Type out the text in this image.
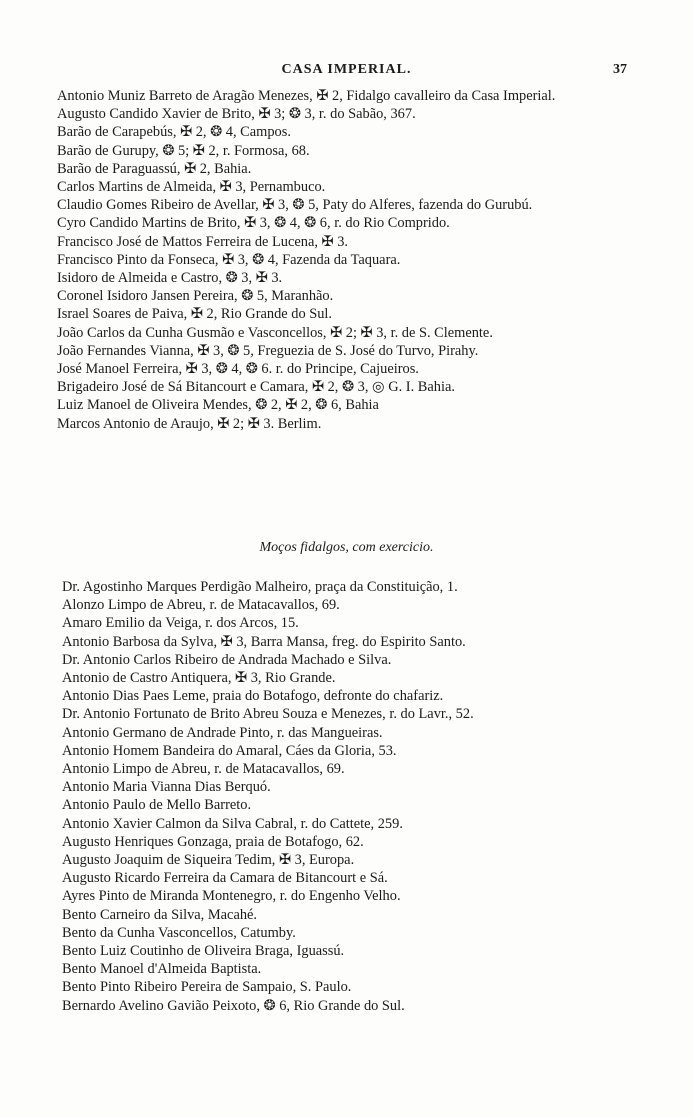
CASA IMPERIAL.	37
Antonio Muniz Barreto de Aragão Menezes, ✠ 2, Fidalgo cavalleiro da Casa Imperial.
Augusto Candido Xavier de Brito, ✠ 3; ❂ 3, r. do Sabão, 367.
Barão de Carapebús, ✠ 2, ❂ 4, Campos.
Barão de Gurupy, ❂ 5; ✠ 2, r. Formosa, 68.
Barão de Paraguassú, ✠ 2, Bahia.
Carlos Martins de Almeida, ✠ 3, Pernambuco.
Claudio Gomes Ribeiro de Avellar, ✠ 3, ❂ 5, Paty do Alferes, fazenda do Gurubú.
Cyro Candido Martins de Brito, ✠ 3, ❂ 4, ❂ 6, r. do Rio Comprido.
Francisco José de Mattos Ferreira de Lucena, ✠ 3.
Francisco Pinto da Fonseca, ✠ 3, ❂ 4, Fazenda da Taquara.
Isidoro de Almeida e Castro, ❂ 3, ✠ 3.
Coronel Isidoro Jansen Pereira, ❂ 5, Maranhão.
Israel Soares de Paiva, ✠ 2, Rio Grande do Sul.
João Carlos da Cunha Gusmão e Vasconcellos, ✠ 2; ✠ 3, r. de S. Clemente.
João Fernandes Vianna, ✠ 3, ❂ 5, Freguezia de S. José do Turvo, Pirahy.
José Manoel Ferreira, ✠ 3, ❂ 4, ❂ 6. r. do Principe, Cajueiros.
Brigadeiro José de Sá Bitancourt e Camara, ✠ 2, ❂ 3, ◎ G. I. Bahia.
Luiz Manoel de Oliveira Mendes, ❂ 2, ✠ 2, ❂ 6, Bahia
Marcos Antonio de Araujo, ✠ 2; ✠ 3. Berlim.
Moços fidalgos, com exercicio.
Dr. Agostinho Marques Perdigão Malheiro, praça da Constituição, 1.
Alonzo Limpo de Abreu, r. de Matacavallos, 69.
Amaro Emilio da Veiga, r. dos Arcos, 15.
Antonio Barbosa da Sylva, ✠ 3, Barra Mansa, freg. do Espirito Santo.
Dr. Antonio Carlos Ribeiro de Andrada Machado e Silva.
Antonio de Castro Antiquera, ✠ 3, Rio Grande.
Antonio Dias Paes Leme, praia do Botafogo, defronte do chafariz.
Dr. Antonio Fortunato de Brito Abreu Souza e Menezes, r. do Lavr., 52.
Antonio Germano de Andrade Pinto, r. das Mangueiras.
Antonio Homem Bandeira do Amaral, Cáes da Gloria, 53.
Antonio Limpo de Abreu, r. de Matacavallos, 69.
Antonio Maria Vianna Dias Berquó.
Antonio Paulo de Mello Barreto.
Antonio Xavier Calmon da Silva Cabral, r. do Cattete, 259.
Augusto Henriques Gonzaga, praia de Botafogo, 62.
Augusto Joaquim de Siqueira Tedim, ✠ 3, Europa.
Augusto Ricardo Ferreira da Camara de Bitancourt e Sá.
Ayres Pinto de Miranda Montenegro, r. do Engenho Velho.
Bento Carneiro da Silva, Macahé.
Bento da Cunha Vasconcellos, Catumby.
Bento Luiz Coutinho de Oliveira Braga, Iguassú.
Bento Manoel d'Almeida Baptista.
Bento Pinto Ribeiro Pereira de Sampaio, S. Paulo.
Bernardo Avelino Gavião Peixoto, ❂ 6, Rio Grande do Sul.
